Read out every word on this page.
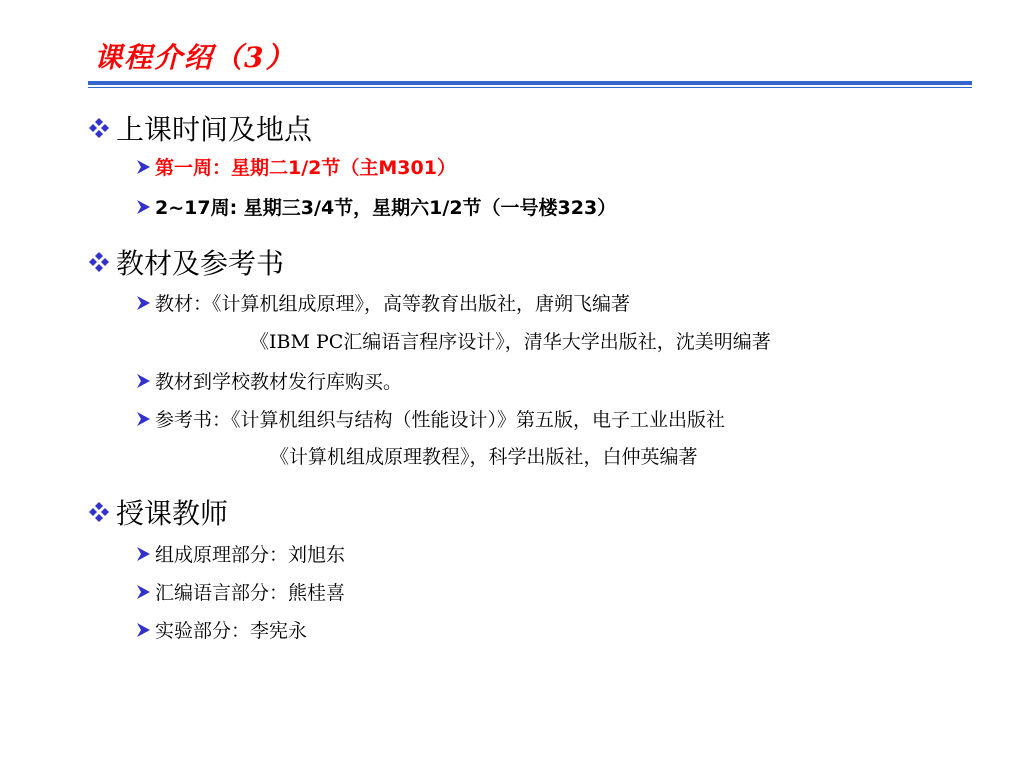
课程介绍（3）
上课时间及地点
第一周：星期二1/2节（主M301）
2~17周: 星期三3/4节，星期六1/2节（一号楼323）
教材及参考书
教材：《计算机组成原理》，高等教育出版社，唐朔飞编著
《IBM PC汇编语言程序设计》，清华大学出版社，沈美明编著
教材到学校教材发行库购买。
参考书：《计算机组织与结构（性能设计）》第五版，电子工业出版社
《计算机组成原理教程》，科学出版社，白仲英编著
授课教师
组成原理部分：刘旭东
汇编语言部分：熊桂喜
实验部分：李宪永
